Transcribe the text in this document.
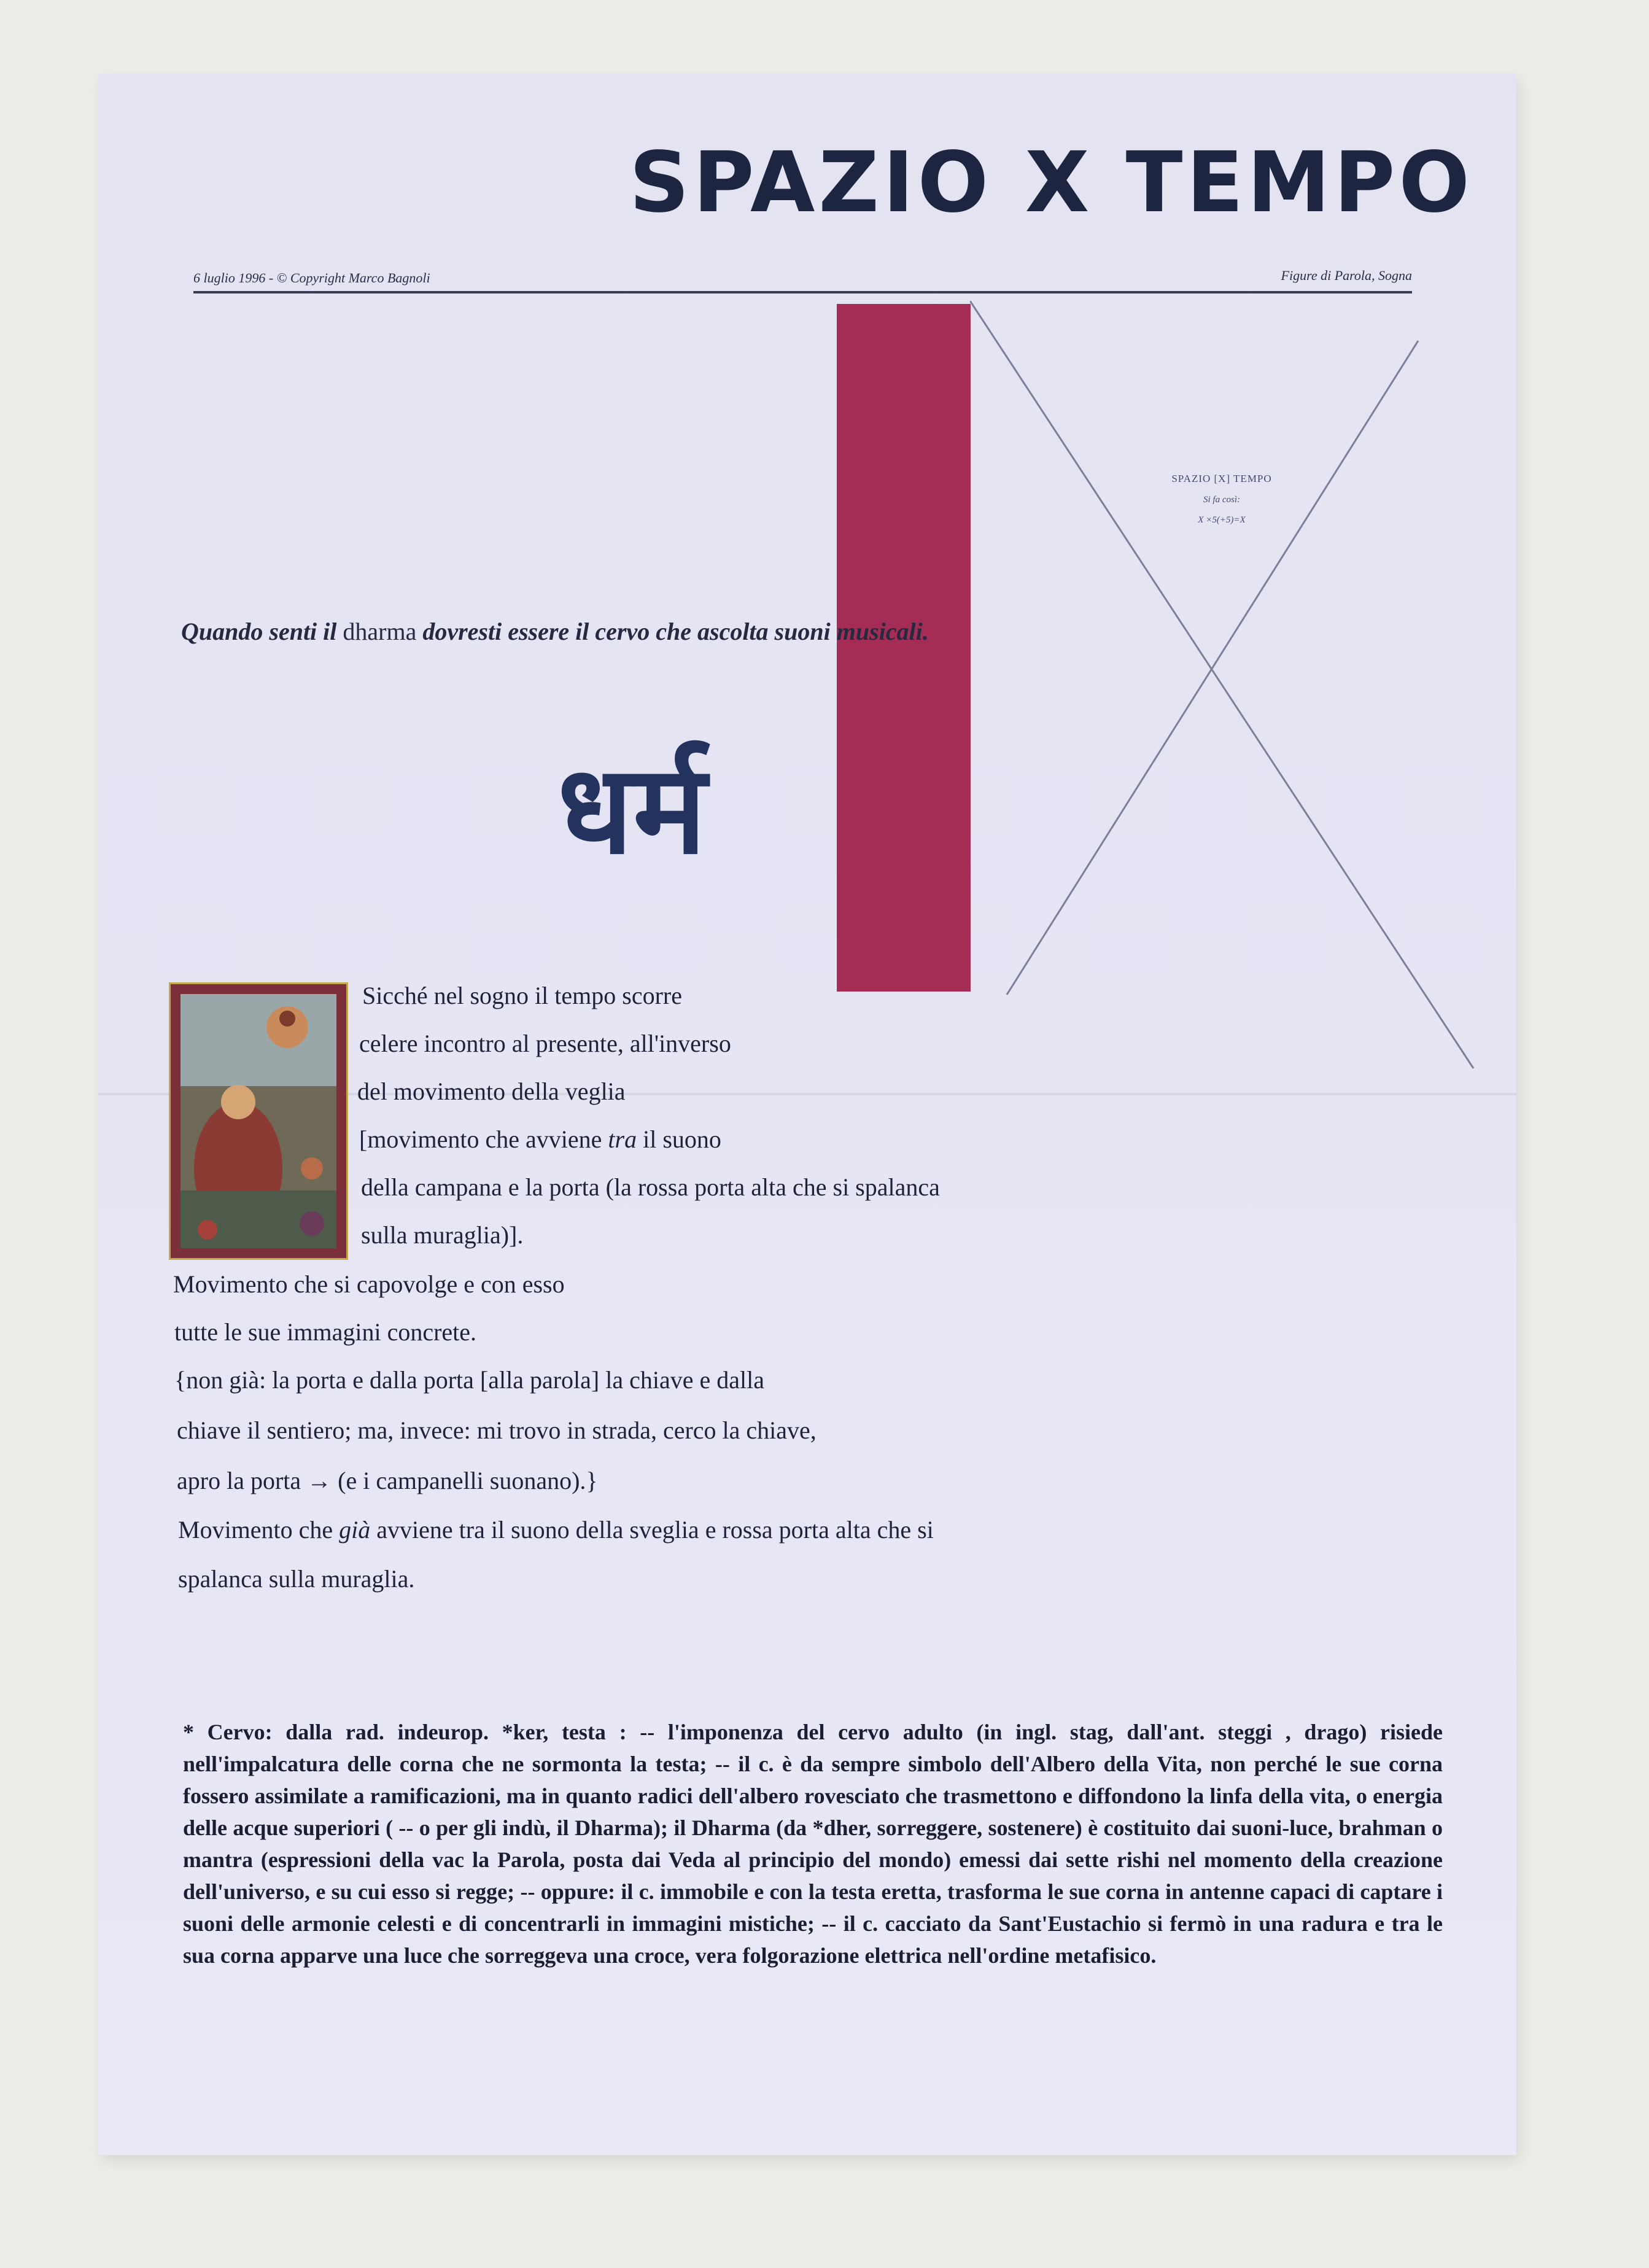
SPAZIO X TEMPO
6 luglio 1996 - © Copyright Marco Bagnoli	Figure di Parola, Sogna
SPAZIO [X] TEMPO
Si fa così:
X ×5(+5)=X
Quando senti il dharma dovresti essere il cervo che ascolta suoni musicali.
धर्म
Sicché nel sogno il tempo scorre
celere incontro al presente, all'inverso
del movimento della veglia
[movimento che avviene tra il suono
della campana e la porta (la rossa porta alta che si spalanca
sulla muraglia)].
Movimento che si capovolge e con esso
tutte le sue immagini concrete.
{non già: la porta e dalla porta [alla parola] la chiave e dalla
chiave il sentiero; ma, invece: mi trovo in strada, cerco la chiave,
apro la porta → (e i campanelli suonano).}
Movimento che già avviene tra il suono della sveglia e rossa porta alta che si
spalanca sulla muraglia.
* Cervo: dalla rad. indeurop. *ker, testa : -- l'imponenza del cervo adulto (in ingl. stag, dall'ant. steggi , drago) risiede nell'impalcatura delle corna che ne sormonta la testa; -- il c. è da sempre simbolo dell'Albero della Vita, non perché le sue corna fossero assimilate a ramificazioni, ma in quanto radici dell'albero rovesciato che trasmettono e diffondono la linfa della vita, o energia delle acque superiori ( -- o per gli indù, il Dharma); il Dharma (da *dher, sorreggere, sostenere) è costituito dai suoni-luce, brahman o mantra (espressioni della vac la Parola, posta dai Veda al principio del mondo) emessi dai sette rishi nel momento della creazione dell'universo, e su cui esso si regge; -- oppure: il c. immobile e con la testa eretta, trasforma le sue corna in antenne capaci di captare i suoni delle armonie celesti e di concentrarli in immagini mistiche; -- il c. cacciato da Sant'Eustachio si fermò in una radura e tra le sua corna apparve una luce che sorreggeva una croce, vera folgorazione elettrica nell'ordine metafisico.
